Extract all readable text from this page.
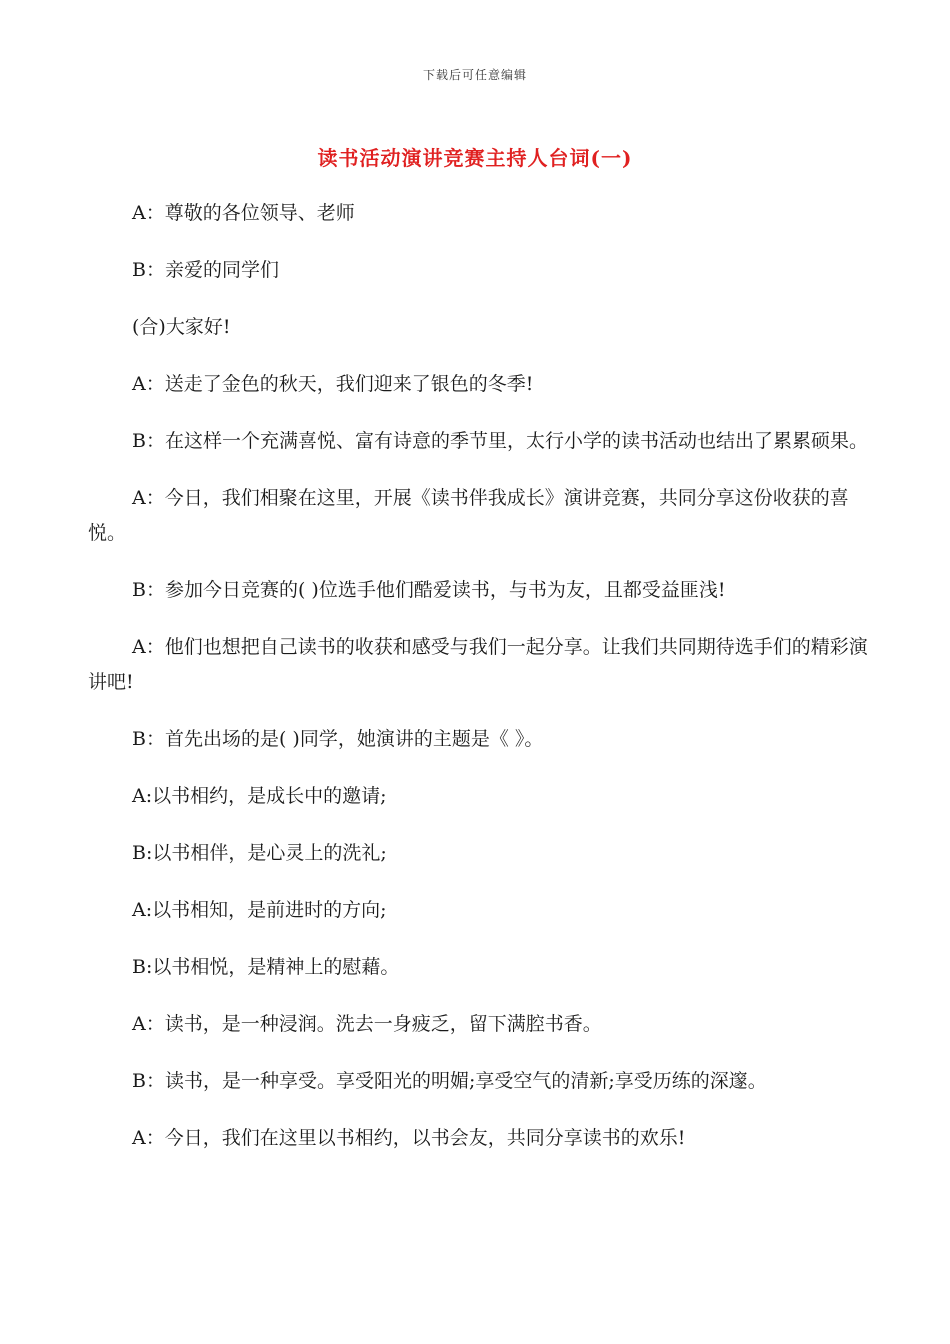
下载后可任意编辑
读书活动演讲竞赛主持人台词(一)

A：尊敬的各位领导、老师

B：亲爱的同学们

(合)大家好!

A：送走了金色的秋天，我们迎来了银色的冬季!

B：在这样一个充满喜悦、富有诗意的季节里，太行小学的读书活动也结出了累累硕果。

A：今日，我们相聚在这里，开展《读书伴我成长》演讲竞赛，共同分享这份收获的喜悦。

B：参加今日竞赛的( )位选手他们酷爱读书，与书为友，且都受益匪浅!

A：他们也想把自己读书的收获和感受与我们一起分享。让我们共同期待选手们的精彩演讲吧!

B：首先出场的是( )同学，她演讲的主题是《 》。

A:以书相约，是成长中的邀请;

B:以书相伴，是心灵上的洗礼;

A:以书相知，是前进时的方向;

B:以书相悦，是精神上的慰藉。

A：读书，是一种浸润。洗去一身疲乏，留下满腔书香。

B：读书，是一种享受。享受阳光的明媚;享受空气的清新;享受历练的深邃。

A：今日，我们在这里以书相约，以书会友，共同分享读书的欢乐!
